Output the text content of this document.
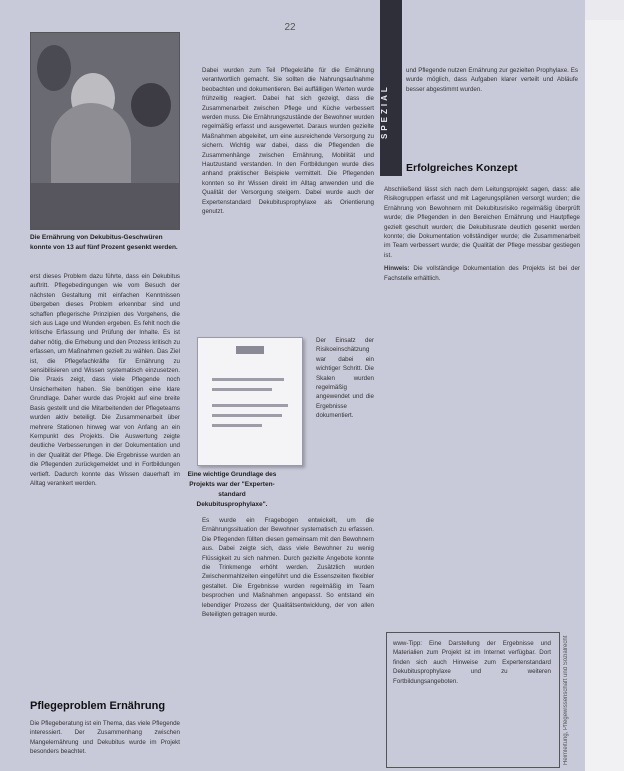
22
Die Ernährung von Dekubitus-Geschwüren konnte von 13 auf fünf Prozent gesenkt werden.

erst dieses Problem dazu führte, dass ein Dekubitus auftritt. Pflegebedingungen wie vom Besuch der nächsten Gestaltung mit einfachen Kenntnissen übergeben dieses Problem erkennbar sind und schaffen pflegerische Prinzipien des Vorgehens, die sich aus Lage und Wunden ergeben. Es fehlt noch die kritische Erfassung und Prüfung der Inhalte. Es ist daher nötig, die Erhebung und den Prozess kritisch zu erfassen, um Maßnahmen gezielt zu wählen. Das Ziel ist, die Pflegefachkräfte für Ernährung zu sensibilisieren und Wissen systematisch einzusetzen. Die Praxis zeigt, dass viele Pflegende noch Unsicherheiten haben. Sie benötigen eine klare Grundlage. Daher wurde das Projekt auf eine breite Basis gestellt und die Mitarbeitenden der Pflegeteams wurden aktiv beteiligt. Die Zusammenarbeit über mehrere Stationen hinweg war von Anfang an ein Kernpunkt des Projekts. Die Auswertung zeigte deutliche Verbesserungen in der Dokumentation und in der Qualität der Pflege. Die Ergebnisse wurden an die Pflegenden zurückgemeldet und in Fortbildungen vertieft. Dadurch konnte das Wissen dauerhaft im Alltag verankert werden.

Pflegeproblem Ernährung

Die Pflegeberatung ist ein Thema, das viele Pflegende interessiert. Der Zusammenhang zwischen Mangelernährung und Dekubitus wurde im Projekt besonders beachtet.

Dabei wurden zum Teil Pflegekräfte für die Ernährung verantwortlich gemacht. Sie sollten die Nahrungsaufnahme beobachten und dokumentieren. Bei auffälligen Werten wurde frühzeitig reagiert. Dabei hat sich gezeigt, dass die Zusammenarbeit zwischen Pflege und Küche verbessert werden muss. Die Ernährungszustände der Bewohner wurden regelmäßig erfasst und ausgewertet. Daraus wurden gezielte Maßnahmen abgeleitet, um eine ausreichende Versorgung zu sichern. Wichtig war dabei, dass die Pflegenden die Zusammenhänge zwischen Ernährung, Mobilität und Hautzustand verstanden. In den Fortbildungen wurde dies anhand praktischer Beispiele vermittelt. Die Pflegenden konnten so ihr Wissen direkt im Alltag anwenden und die Qualität der Versorgung steigern. Dabei wurde auch der Expertenstandard Dekubitusprophylaxe als Orientierung genutzt.

Eine wichtige Grundlage des Projekts war der "Experten-standard Dekubitusprophylaxe".

Der Einsatz der Risikoeinschätzung war dabei ein wichtiger Schritt. Die Skalen wurden regelmäßig angewendet und die Ergebnisse dokumentiert.

Es wurde ein Fragebogen entwickelt, um die Ernährungssituation der Bewohner systematisch zu erfassen. Die Pflegenden füllten diesen gemeinsam mit den Bewohnern aus. Dabei zeigte sich, dass viele Bewohner zu wenig Flüssigkeit zu sich nahmen. Durch gezielte Angebote konnte die Trinkmenge erhöht werden. Zusätzlich wurden Zwischenmahlzeiten eingeführt und die Essenszeiten flexibler gestaltet. Die Ergebnisse wurden regelmäßig im Team besprochen und Maßnahmen angepasst. So entstand ein lebendiger Prozess der Qualitätsentwicklung, der von allen Beteiligten getragen wurde.

SPEZIAL

und Pflegende nutzen Ernährung zur gezielten Prophylaxe. Es wurde möglich, dass Aufgaben klarer verteilt und Abläufe besser abgestimmt wurden.

Erfolgreiches Konzept

Abschließend lässt sich nach dem Leitungsprojekt sagen, dass: alle Risikogruppen erfasst und mit Lagerungsplänen versorgt wurden; die Ernährung von Bewohnern mit Dekubitusrisiko regelmäßig überprüft wurde; die Pflegenden in den Bereichen Ernährung und Hautpflege gezielt geschult wurden; die Dekubitusrate deutlich gesenkt werden konnte; die Dokumentation vollständiger wurde; die Zusammenarbeit im Team verbessert wurde; die Qualität der Pflege messbar gestiegen ist.

Hinweis: Die vollständige Dokumentation des Projekts ist bei der Fachstelle erhältlich.

www-Tipp: Eine Darstellung der Ergebnisse und Materialien zum Projekt ist im Internet verfügbar. Dort finden sich auch Hinweise zum Expertenstandard Dekubitusprophylaxe und zu weiteren Fortbildungsangeboten.	Heimleitung, Pflegewissenschaft und Sozialrecht
